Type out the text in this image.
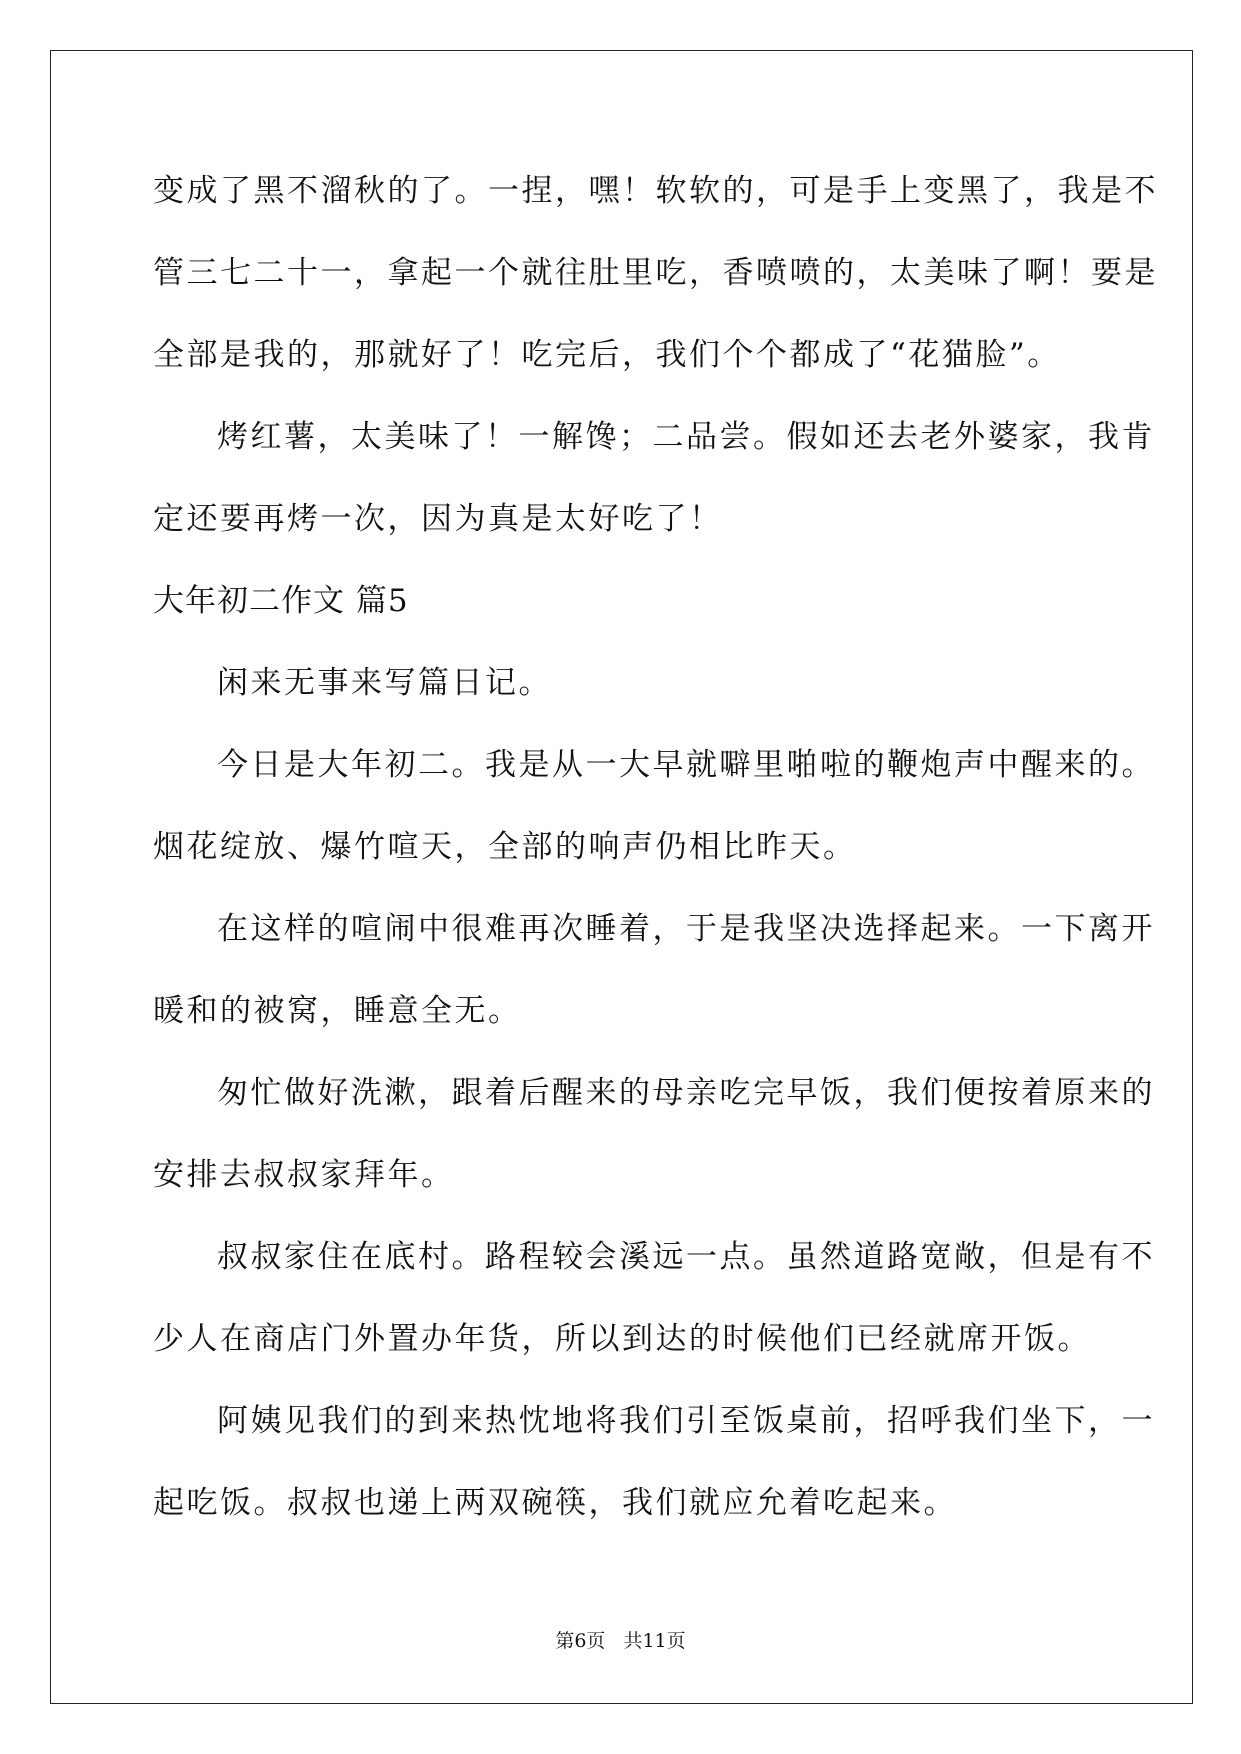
变成了黑不溜秋的了。一捏，嘿！软软的，可是手上变黑了，我是不
管三七二十一，拿起一个就往肚里吃，香喷喷的，太美味了啊！要是
全部是我的，那就好了！吃完后，我们个个都成了“花猫脸”。
烤红薯，太美味了！一解馋；二品尝。假如还去老外婆家，我肯
定还要再烤一次，因为真是太好吃了！
大年初二作文 篇5
闲来无事来写篇日记。
今日是大年初二。我是从一大早就噼里啪啦的鞭炮声中醒来的。
烟花绽放、爆竹喧天，全部的响声仍相比昨天。
在这样的喧闹中很难再次睡着，于是我坚决选择起来。一下离开
暖和的被窝，睡意全无。
匆忙做好洗漱，跟着后醒来的母亲吃完早饭，我们便按着原来的
安排去叔叔家拜年。
叔叔家住在底村。路程较会溪远一点。虽然道路宽敞，但是有不
少人在商店门外置办年货，所以到达的时候他们已经就席开饭。
阿姨见我们的到来热忱地将我们引至饭桌前，招呼我们坐下，一
起吃饭。叔叔也递上两双碗筷，我们就应允着吃起来。
第6页 共11页
